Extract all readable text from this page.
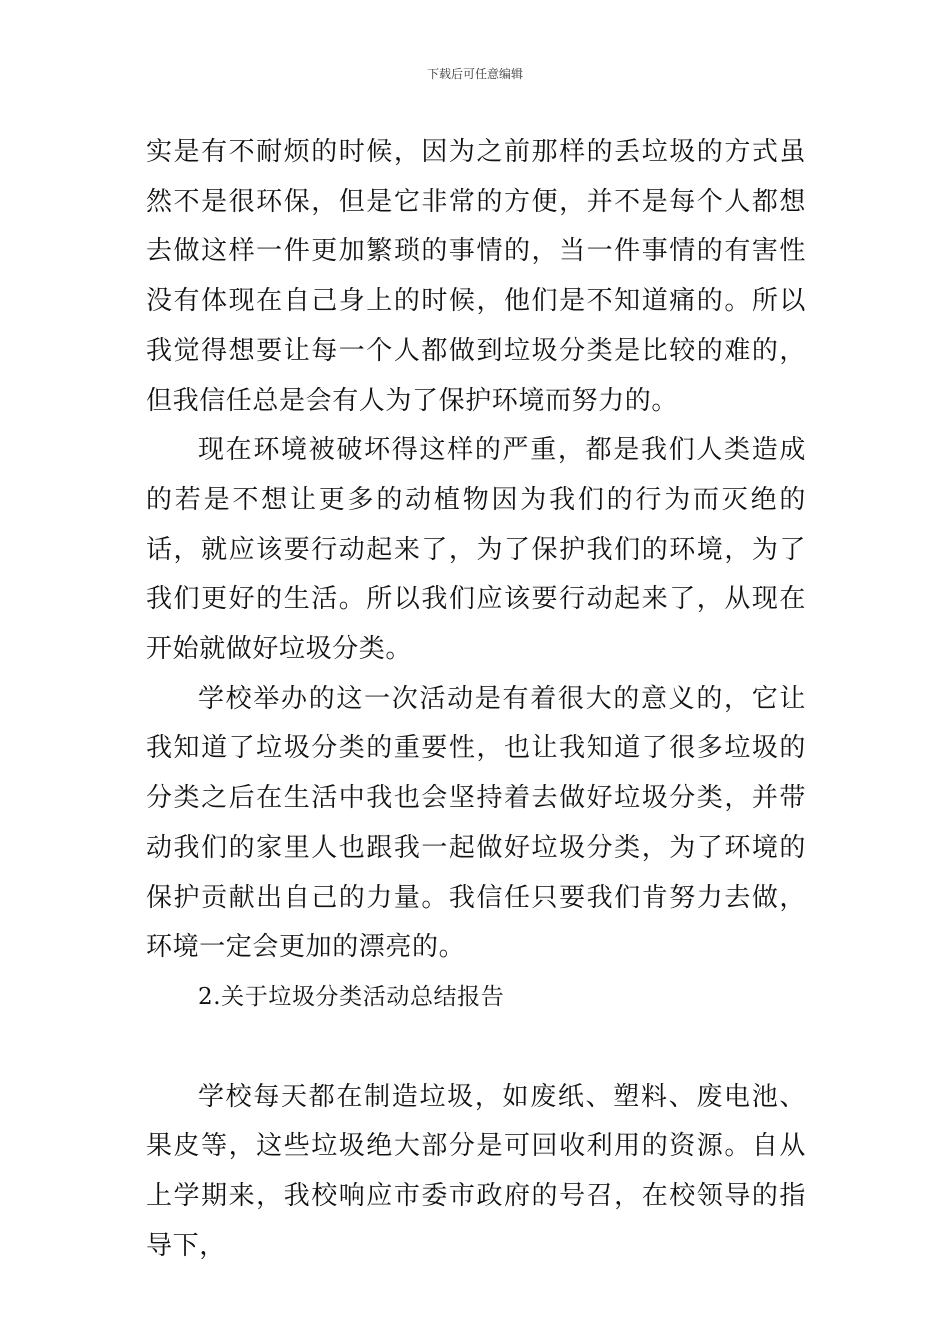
下载后可任意编辑

实是有不耐烦的时候，因为之前那样的丢垃圾的方式虽然不是很环保，但是它非常的方便，并不是每个人都想去做这样一件更加繁琐的事情的，当一件事情的有害性没有体现在自己身上的时候，他们是不知道痛的。所以我觉得想要让每一个人都做到垃圾分类是比较的难的，但我信任总是会有人为了保护环境而努力的。

现在环境被破坏得这样的严重，都是我们人类造成的若是不想让更多的动植物因为我们的行为而灭绝的话，就应该要行动起来了，为了保护我们的环境，为了我们更好的生活。所以我们应该要行动起来了，从现在开始就做好垃圾分类。

学校举办的这一次活动是有着很大的意义的，它让我知道了垃圾分类的重要性，也让我知道了很多垃圾的分类之后在生活中我也会坚持着去做好垃圾分类，并带动我们的家里人也跟我一起做好垃圾分类，为了环境的保护贡献出自己的力量。我信任只要我们肯努力去做，环境一定会更加的漂亮的。

2.关于垃圾分类活动总结报告

学校每天都在制造垃圾，如废纸、塑料、废电池、果皮等，这些垃圾绝大部分是可回收利用的资源。自从上学期来，我校响应市委市政府的号召，在校领导的指导下，
